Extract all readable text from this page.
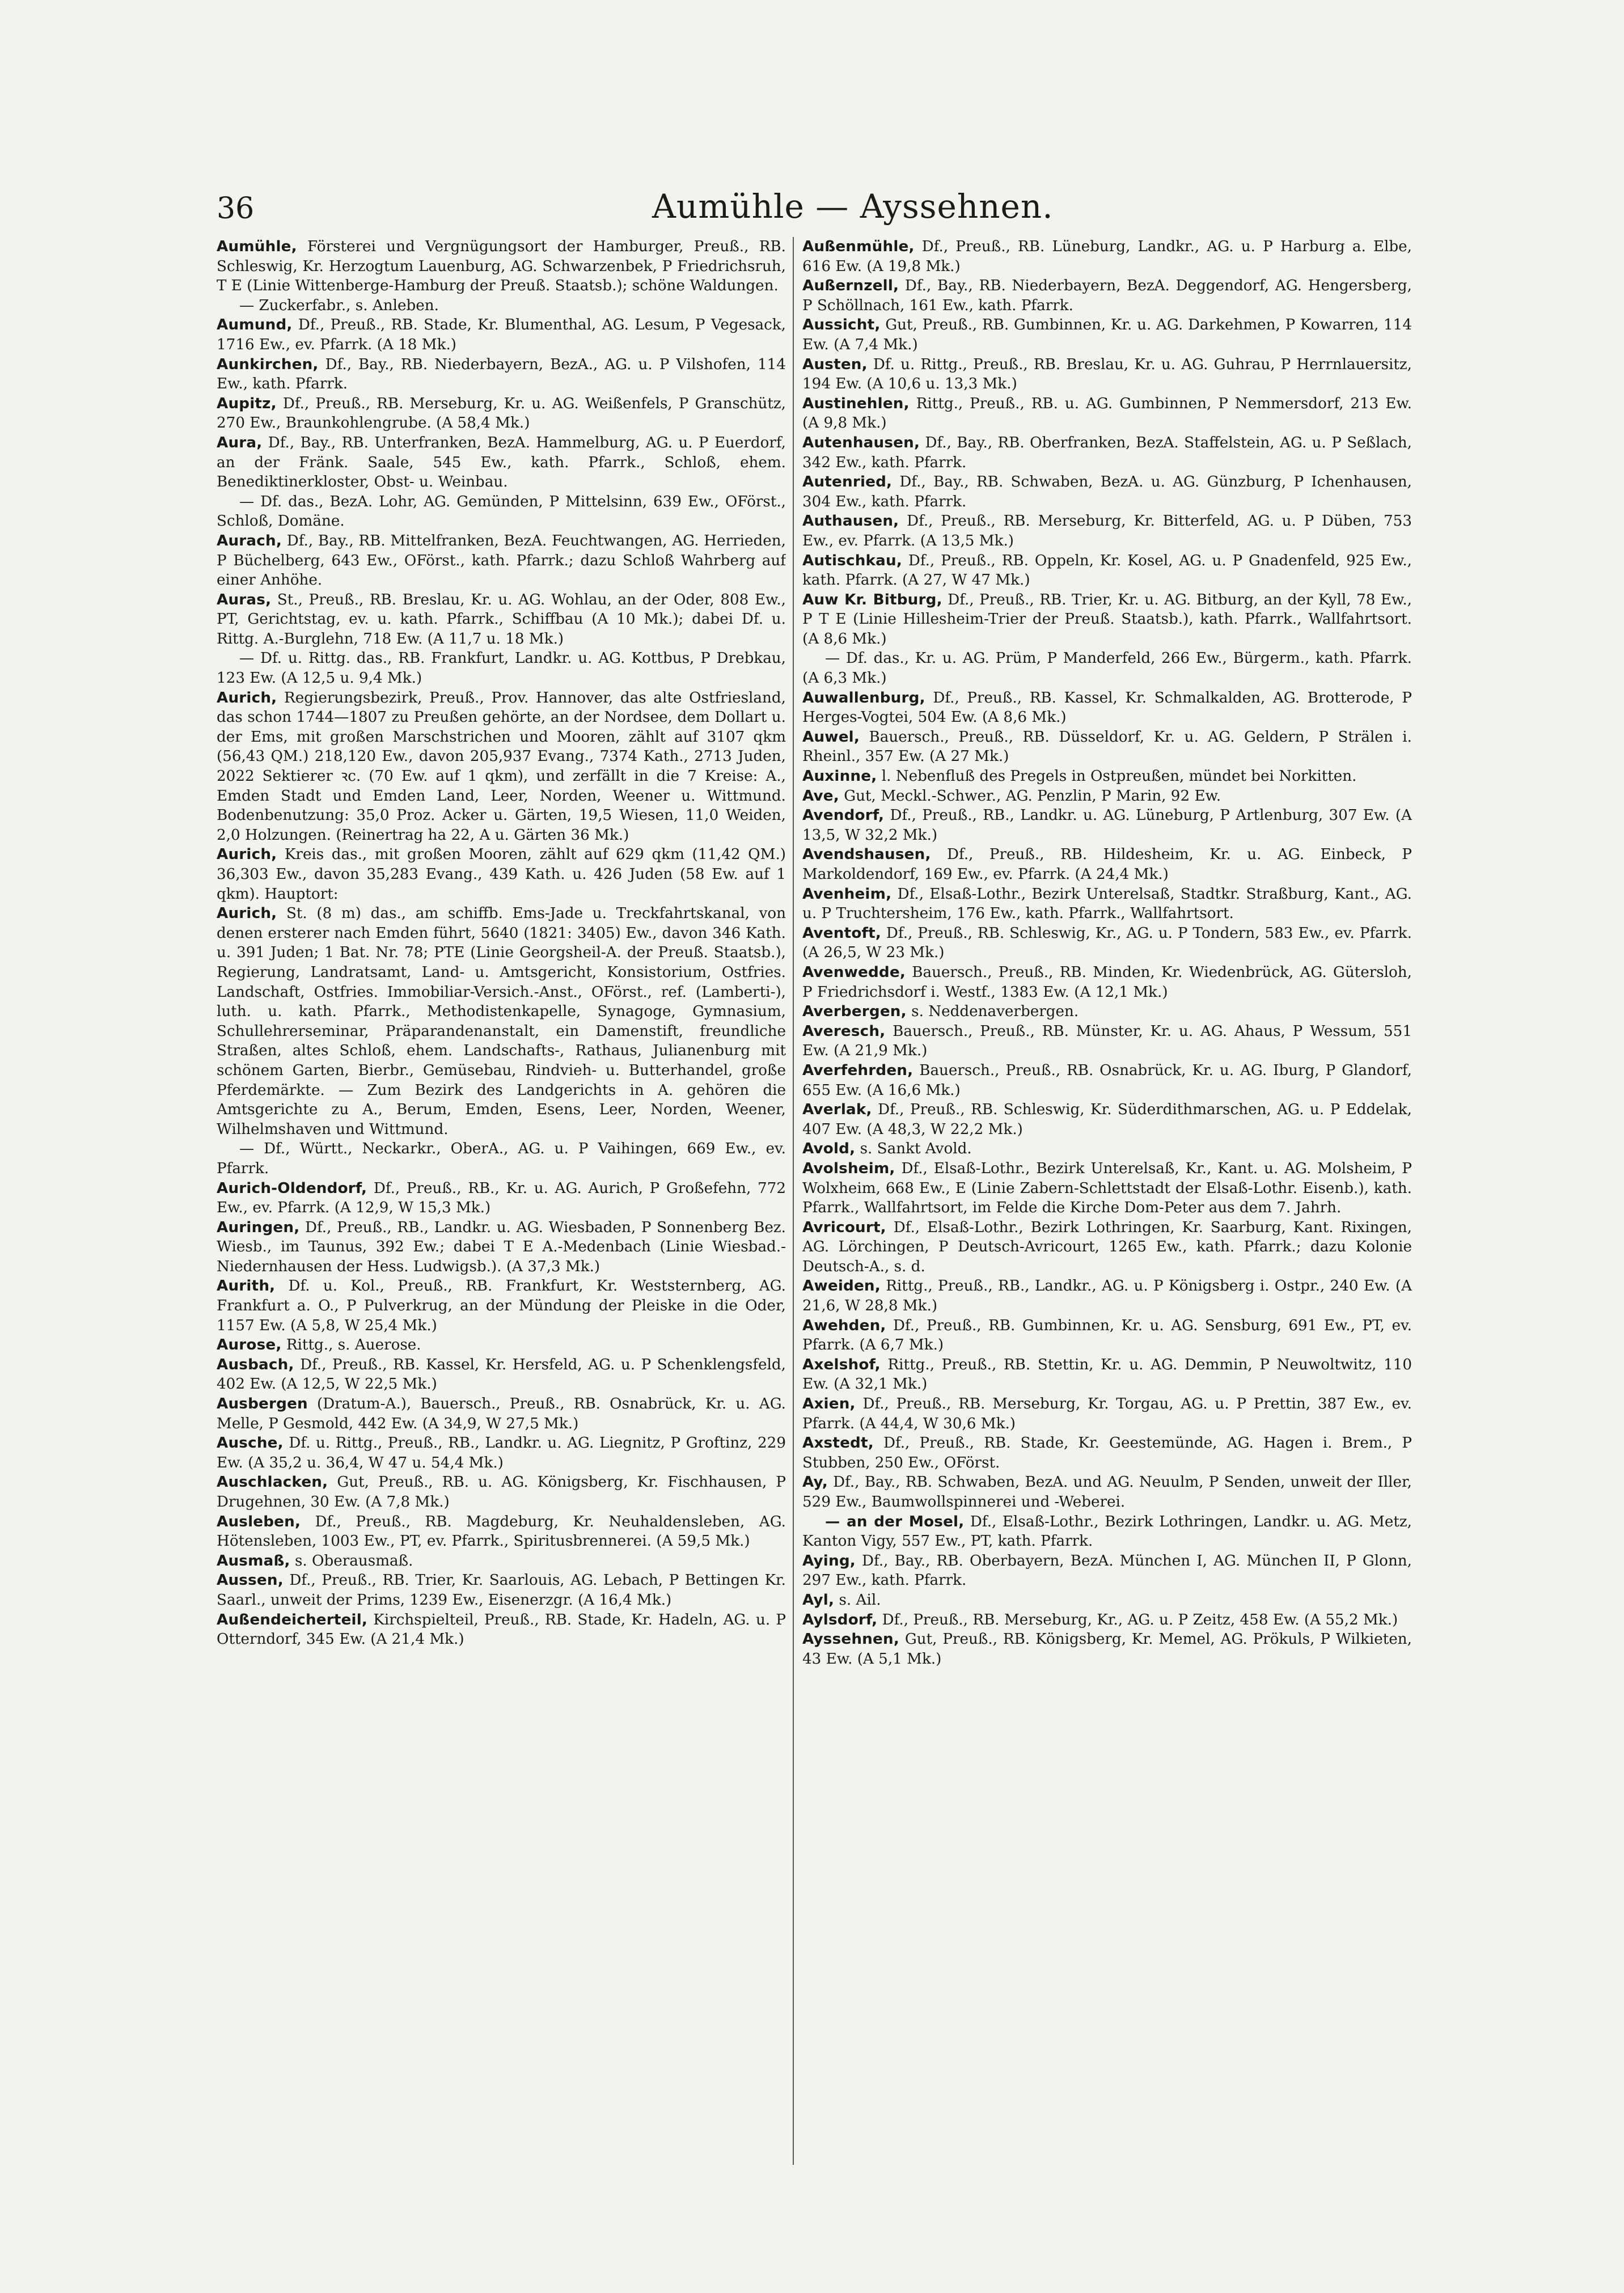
36	Aumühle — Ayssehnen.

Aumühle, Försterei und Vergnügungsort der Hamburger, Preuß., RB. Schleswig, Kr. Herzogtum Lauenburg, AG. Schwarzenbek, P Friedrichsruh, T E (Linie Wittenberge-Hamburg der Preuß. Staatsb.); schöne Waldungen.

— Zuckerfabr., s. Anleben.

Aumund, Df., Preuß., RB. Stade, Kr. Blumenthal, AG. Lesum, P Vegesack, 1716 Ew., ev. Pfarrk. (A 18 Mk.)

Aunkirchen, Df., Bay., RB. Niederbayern, BezA., AG. u. P Vilshofen, 114 Ew., kath. Pfarrk.

Aupitz, Df., Preuß., RB. Merseburg, Kr. u. AG. Weißenfels, P Granschütz, 270 Ew., Braunkohlengrube. (A 58,4 Mk.)

Aura, Df., Bay., RB. Unterfranken, BezA. Hammelburg, AG. u. P Euerdorf, an der Fränk. Saale, 545 Ew., kath. Pfarrk., Schloß, ehem. Benediktinerkloster, Obst- u. Weinbau.

— Df. das., BezA. Lohr, AG. Gemünden, P Mittelsinn, 639 Ew., OFörst., Schloß, Domäne.

Aurach, Df., Bay., RB. Mittelfranken, BezA. Feuchtwangen, AG. Herrieden, P Büchelberg, 643 Ew., OFörst., kath. Pfarrk.; dazu Schloß Wahrberg auf einer Anhöhe.

Auras, St., Preuß., RB. Breslau, Kr. u. AG. Wohlau, an der Oder, 808 Ew., PT, Gerichtstag, ev. u. kath. Pfarrk., Schiffbau (A 10 Mk.); dabei Df. u. Rittg. A.-Burglehn, 718 Ew. (A 11,7 u. 18 Mk.)

— Df. u. Rittg. das., RB. Frankfurt, Landkr. u. AG. Kottbus, P Drebkau, 123 Ew. (A 12,5 u. 9,4 Mk.)

Aurich, Regierungsbezirk, Preuß., Prov. Hannover, das alte Ostfriesland, das schon 1744—1807 zu Preußen gehörte, an der Nordsee, dem Dollart u. der Ems, mit großen Marschstrichen und Mooren, zählt auf 3107 qkm (56,43 QM.) 218,120 Ew., davon 205,937 Evang., 7374 Kath., 2713 Juden, 2022 Sektierer ꝛc. (70 Ew. auf 1 qkm), und zerfällt in die 7 Kreise: A., Emden Stadt und Emden Land, Leer, Norden, Weener u. Wittmund. Bodenbenutzung: 35,0 Proz. Acker u. Gärten, 19,5 Wiesen, 11,0 Weiden, 2,0 Holzungen. (Reinertrag ha 22, A u. Gärten 36 Mk.)

Aurich, Kreis das., mit großen Mooren, zählt auf 629 qkm (11,42 QM.) 36,303 Ew., davon 35,283 Evang., 439 Kath. u. 426 Juden (58 Ew. auf 1 qkm). Hauptort:

Aurich, St. (8 m) das., am schiffb. Ems-Jade u. Treckfahrtskanal, von denen ersterer nach Emden führt, 5640 (1821: 3405) Ew., davon 346 Kath. u. 391 Juden; 1 Bat. Nr. 78; PTE (Linie Georgsheil-A. der Preuß. Staatsb.), Regierung, Landratsamt, Land- u. Amtsgericht, Konsistorium, Ostfries. Landschaft, Ostfries. Immobiliar-Versich.-Anst., OFörst., ref. (Lamberti-), luth. u. kath. Pfarrk., Methodistenkapelle, Synagoge, Gymnasium, Schullehrerseminar, Präparandenanstalt, ein Damenstift, freundliche Straßen, altes Schloß, ehem. Landschafts-, Rathaus, Julianenburg mit schönem Garten, Bierbr., Gemüsebau, Rindvieh- u. Butterhandel, große Pferdemärkte. — Zum Bezirk des Landgerichts in A. gehören die Amtsgerichte zu A., Berum, Emden, Esens, Leer, Norden, Weener, Wilhelmshaven und Wittmund.

— Df., Württ., Neckarkr., OberA., AG. u. P Vaihingen, 669 Ew., ev. Pfarrk.

Aurich-Oldendorf, Df., Preuß., RB., Kr. u. AG. Aurich, P Großefehn, 772 Ew., ev. Pfarrk. (A 12,9, W 15,3 Mk.)

Auringen, Df., Preuß., RB., Landkr. u. AG. Wiesbaden, P Sonnenberg Bez. Wiesb., im Taunus, 392 Ew.; dabei T E A.-Medenbach (Linie Wiesbad.-Niedernhausen der Hess. Ludwigsb.). (A 37,3 Mk.)

Aurith, Df. u. Kol., Preuß., RB. Frankfurt, Kr. Weststernberg, AG. Frankfurt a. O., P Pulverkrug, an der Mündung der Pleiske in die Oder, 1157 Ew. (A 5,8, W 25,4 Mk.)

Aurose, Rittg., s. Auerose.

Ausbach, Df., Preuß., RB. Kassel, Kr. Hersfeld, AG. u. P Schenklengsfeld, 402 Ew. (A 12,5, W 22,5 Mk.)

Ausbergen (Dratum-A.), Bauersch., Preuß., RB. Osnabrück, Kr. u. AG. Melle, P Gesmold, 442 Ew. (A 34,9, W 27,5 Mk.)

Ausche, Df. u. Rittg., Preuß., RB., Landkr. u. AG. Liegnitz, P Groftinz, 229 Ew. (A 35,2 u. 36,4, W 47 u. 54,4 Mk.)

Auschlacken, Gut, Preuß., RB. u. AG. Königsberg, Kr. Fischhausen, P Drugehnen, 30 Ew. (A 7,8 Mk.)

Ausleben, Df., Preuß., RB. Magdeburg, Kr. Neuhaldensleben, AG. Hötensleben, 1003 Ew., PT, ev. Pfarrk., Spiritusbrennerei. (A 59,5 Mk.)

Ausmaß, s. Oberausmaß.

Aussen, Df., Preuß., RB. Trier, Kr. Saarlouis, AG. Lebach, P Bettingen Kr. Saarl., unweit der Prims, 1239 Ew., Eisenerzgr. (A 16,4 Mk.)

Außendeicherteil, Kirchspielteil, Preuß., RB. Stade, Kr. Hadeln, AG. u. P Otterndorf, 345 Ew. (A 21,4 Mk.)

Außenmühle, Df., Preuß., RB. Lüneburg, Landkr., AG. u. P Harburg a. Elbe, 616 Ew. (A 19,8 Mk.)

Außernzell, Df., Bay., RB. Niederbayern, BezA. Deggendorf, AG. Hengersberg, P Schöllnach, 161 Ew., kath. Pfarrk.

Aussicht, Gut, Preuß., RB. Gumbinnen, Kr. u. AG. Darkehmen, P Kowarren, 114 Ew. (A 7,4 Mk.)

Austen, Df. u. Rittg., Preuß., RB. Breslau, Kr. u. AG. Guhrau, P Herrnlauersitz, 194 Ew. (A 10,6 u. 13,3 Mk.)

Austinehlen, Rittg., Preuß., RB. u. AG. Gumbinnen, P Nemmersdorf, 213 Ew. (A 9,8 Mk.)

Autenhausen, Df., Bay., RB. Oberfranken, BezA. Staffelstein, AG. u. P Seßlach, 342 Ew., kath. Pfarrk.

Autenried, Df., Bay., RB. Schwaben, BezA. u. AG. Günzburg, P Ichenhausen, 304 Ew., kath. Pfarrk.

Authausen, Df., Preuß., RB. Merseburg, Kr. Bitterfeld, AG. u. P Düben, 753 Ew., ev. Pfarrk. (A 13,5 Mk.)

Autischkau, Df., Preuß., RB. Oppeln, Kr. Kosel, AG. u. P Gnadenfeld, 925 Ew., kath. Pfarrk. (A 27, W 47 Mk.)

Auw Kr. Bitburg, Df., Preuß., RB. Trier, Kr. u. AG. Bitburg, an der Kyll, 78 Ew., P T E (Linie Hillesheim-Trier der Preuß. Staatsb.), kath. Pfarrk., Wallfahrtsort. (A 8,6 Mk.)

— Df. das., Kr. u. AG. Prüm, P Manderfeld, 266 Ew., Bürgerm., kath. Pfarrk. (A 6,3 Mk.)

Auwallenburg, Df., Preuß., RB. Kassel, Kr. Schmalkalden, AG. Brotterode, P Herges-Vogtei, 504 Ew. (A 8,6 Mk.)

Auwel, Bauersch., Preuß., RB. Düsseldorf, Kr. u. AG. Geldern, P Strälen i. Rheinl., 357 Ew. (A 27 Mk.)

Auxinne, l. Nebenfluß des Pregels in Ostpreußen, mündet bei Norkitten.

Ave, Gut, Meckl.-Schwer., AG. Penzlin, P Marin, 92 Ew.

Avendorf, Df., Preuß., RB., Landkr. u. AG. Lüneburg, P Artlenburg, 307 Ew. (A 13,5, W 32,2 Mk.)

Avendshausen, Df., Preuß., RB. Hildesheim, Kr. u. AG. Einbeck, P Markoldendorf, 169 Ew., ev. Pfarrk. (A 24,4 Mk.)

Avenheim, Df., Elsaß-Lothr., Bezirk Unterelsaß, Stadtkr. Straßburg, Kant., AG. u. P Truchtersheim, 176 Ew., kath. Pfarrk., Wallfahrtsort.

Aventoft, Df., Preuß., RB. Schleswig, Kr., AG. u. P Tondern, 583 Ew., ev. Pfarrk. (A 26,5, W 23 Mk.)

Avenwedde, Bauersch., Preuß., RB. Minden, Kr. Wiedenbrück, AG. Gütersloh, P Friedrichsdorf i. Westf., 1383 Ew. (A 12,1 Mk.)

Averbergen, s. Neddenaverbergen.

Averesch, Bauersch., Preuß., RB. Münster, Kr. u. AG. Ahaus, P Wessum, 551 Ew. (A 21,9 Mk.)

Averfehrden, Bauersch., Preuß., RB. Osnabrück, Kr. u. AG. Iburg, P Glandorf, 655 Ew. (A 16,6 Mk.)

Averlak, Df., Preuß., RB. Schleswig, Kr. Süderdithmarschen, AG. u. P Eddelak, 407 Ew. (A 48,3, W 22,2 Mk.)

Avold, s. Sankt Avold.

Avolsheim, Df., Elsaß-Lothr., Bezirk Unterelsaß, Kr., Kant. u. AG. Molsheim, P Wolxheim, 668 Ew., E (Linie Zabern-Schlettstadt der Elsaß-Lothr. Eisenb.), kath. Pfarrk., Wallfahrtsort, im Felde die Kirche Dom-Peter aus dem 7. Jahrh.

Avricourt, Df., Elsaß-Lothr., Bezirk Lothringen, Kr. Saarburg, Kant. Rixingen, AG. Lörchingen, P Deutsch-Avricourt, 1265 Ew., kath. Pfarrk.; dazu Kolonie Deutsch-A., s. d.

Aweiden, Rittg., Preuß., RB., Landkr., AG. u. P Königsberg i. Ostpr., 240 Ew. (A 21,6, W 28,8 Mk.)

Awehden, Df., Preuß., RB. Gumbinnen, Kr. u. AG. Sensburg, 691 Ew., PT, ev. Pfarrk. (A 6,7 Mk.)

Axelshof, Rittg., Preuß., RB. Stettin, Kr. u. AG. Demmin, P Neuwoltwitz, 110 Ew. (A 32,1 Mk.)

Axien, Df., Preuß., RB. Merseburg, Kr. Torgau, AG. u. P Prettin, 387 Ew., ev. Pfarrk. (A 44,4, W 30,6 Mk.)

Axstedt, Df., Preuß., RB. Stade, Kr. Geestemünde, AG. Hagen i. Brem., P Stubben, 250 Ew., OFörst.

Ay, Df., Bay., RB. Schwaben, BezA. und AG. Neuulm, P Senden, unweit der Iller, 529 Ew., Baumwollspinnerei und -Weberei.

— an der Mosel, Df., Elsaß-Lothr., Bezirk Lothringen, Landkr. u. AG. Metz, Kanton Vigy, 557 Ew., PT, kath. Pfarrk.

Aying, Df., Bay., RB. Oberbayern, BezA. München I, AG. München II, P Glonn, 297 Ew., kath. Pfarrk.

Ayl, s. Ail.

Aylsdorf, Df., Preuß., RB. Merseburg, Kr., AG. u. P Zeitz, 458 Ew. (A 55,2 Mk.)

Ayssehnen, Gut, Preuß., RB. Königsberg, Kr. Memel, AG. Prökuls, P Wilkieten, 43 Ew. (A 5,1 Mk.)
